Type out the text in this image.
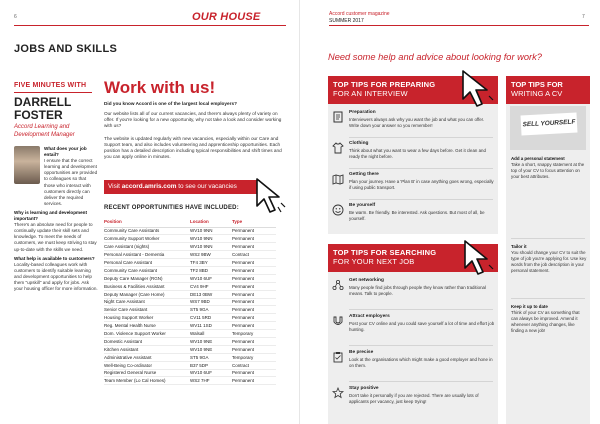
6	OUR HOUSE
JOBS AND SKILLS
FIVE MINUTES WITH
DARRELL
FOSTER
Accord Learning and Development Manager
What does your job entail?
I ensure that the correct learning and development opportunities are provided to colleagues so that those who interact with customers directly can deliver the required services.
Why is learning and development important?
There's an absolute need for people to continually update their skill sets and knowledge. To meet the needs of customers, we must keep striving to stay up-to-date with the skills we need.
What help is available to customers?
Locality-based colleagues work with customers to identify suitable learning and development opportunities to help them "upskill" and apply for jobs. Ask your housing officer for more information.
Work with us!
Did you know Accord is one of the largest local employers?
Our website lists all of our current vacancies, and there's always plenty of variety on offer. If you're looking for a new opportunity, why not take a look and consider working with us?
The website is updated regularly with new vacancies, especially within our Care and Support team, and also includes volunteering and apprenticeship opportunities. Each position has a detailed description including typical responsibilities and shift times and you can apply online in minutes.
Visit accord.amris.com to see our vacancies
RECENT OPPORTUNITIES HAVE INCLUDED:
Position	Location	Type
Community Care Assistants	WV10 9NN	Permanent
Community Support Worker	WV10 9NN	Permanent
Care Assistant (nights)	WV10 9NN	Permanent
Personal Assistant - Dementia	WS2 9BW	Contract
Personal Care Assistant	TF4 3BY	Permanent
Community Care Assistant	TF2 8BD	Permanent
Deputy Care Manager (RGN)	WV10 6UF	Permanent
Business & Facilities Assistant	CV4 9HF	Permanent
Deputy Manager (Care Home)	DE13 0BW	Permanent
Night Care Assistant	WS7 9BD	Permanent
Senior Care Assistant	ST5 9GA	Permanent
Housing Support Worker	CV11 5RD	Permanent
Reg. Mental Health Nurse	WV11 1SD	Permanent
Dom. Violence Support Worker	Walsall	Temporary
Domestic Assistant	WV10 9NE	Permanent
Kitchen Assistant	WV10 9NE	Permanent
Administrative Assistant	ST5 9GA	Temporary
Well-Being Co-ordinator	B37 5DP	Contract
Registered General Nurse	WV10 6UF	Permanent
Team Member (Lo Cal Homes)	WS2 7HF	Permanent
Accord customer magazine
SUMMER 2017
7
Need some help and advice about looking for work?
TOP TIPS FOR PREPARING
FOR AN INTERVIEW
Preparation
Interviewers always ask why you want the job and what you can offer. Write down your answer so you remember!
Clothing
Think about what you want to wear a few days before. Get it clean and ready the night before.
Getting there
Plan your journey. Have a 'Plan B' in case anything goes wrong, especially if using public transport.
Be yourself
Be warm. Be friendly. Be interested. Ask questions. But most of all, be yourself.
TOP TIPS FOR SEARCHING
FOR YOUR NEXT JOB
Get networking
Many people find jobs through people they know rather than traditional means. Talk to people.
Attract employers
Post your CV online and you could save yourself a lot of time and effort job hunting.
Be precise
Look at the organisations which might make a good employer and hone in on them.
Stay positive
Don't take it personally if you are rejected. There are usually lots of applicants per vacancy, just keep trying!
TOP TIPS FOR
WRITING A CV
SELL YOURSELF
Add a personal statement
Take a short, snappy statement at the top of your CV to focus attention on your best attributes.
Tailor it
You should change your CV to suit the type of job you're applying for. Use key words from the job description in your personal statement.
Keep it up to date
Think of your CV as something that can always be improved. Amend it whenever anything changes, like finding a new job!
